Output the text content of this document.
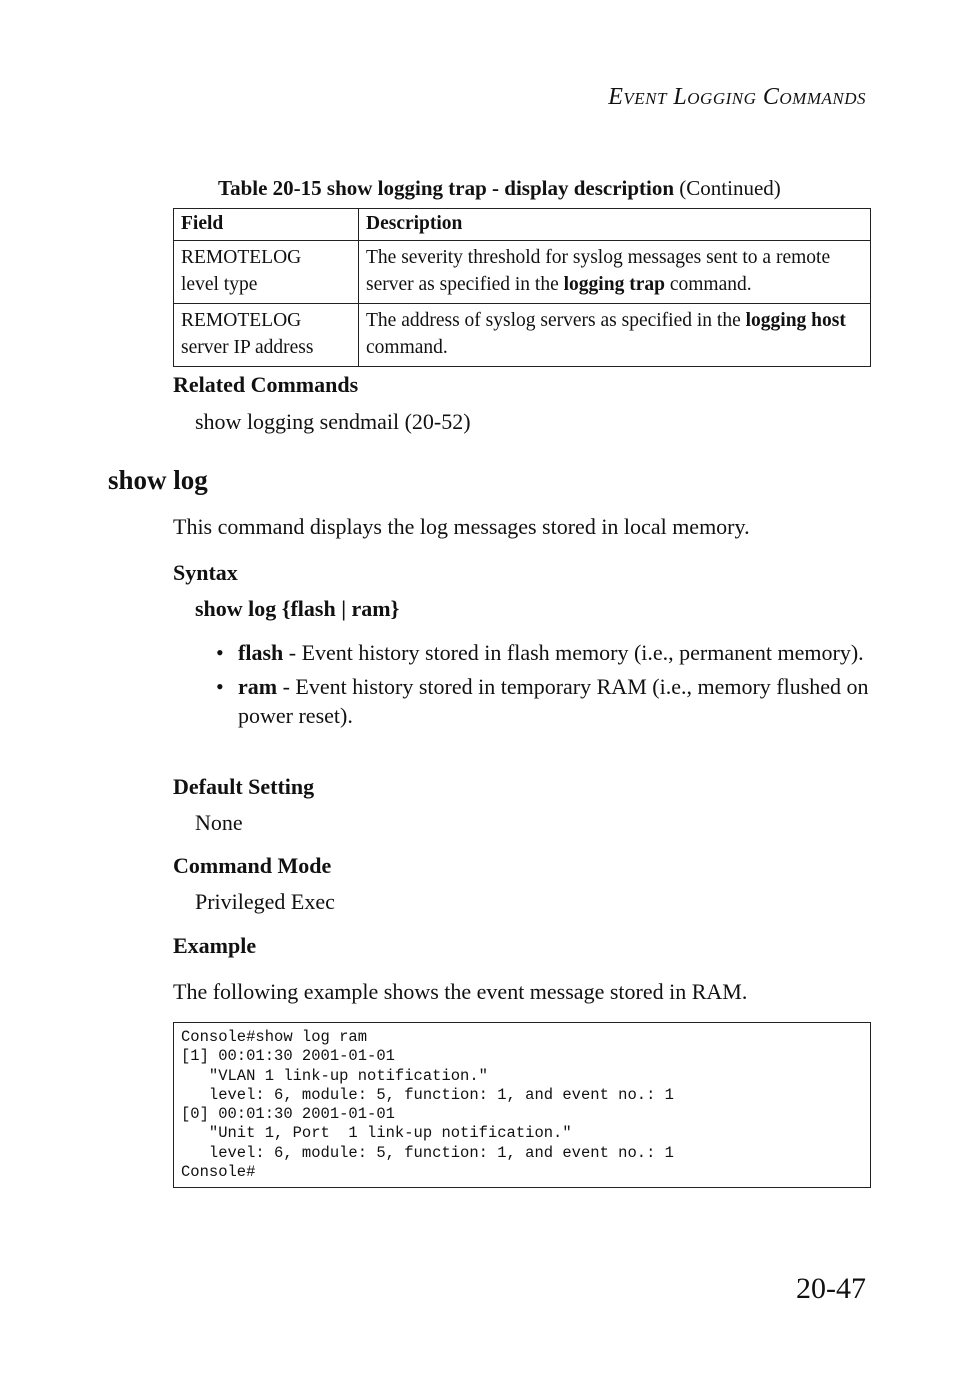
Event Logging Commands
Table 20-15 show logging trap - display description (Continued)
Field	Description
REMOTELOG
level type	The severity threshold for syslog messages sent to a remote server as specified in the logging trap command.
REMOTELOG
server IP address	The address of syslog servers as specified in the logging host command.
Related Commands
show logging sendmail (20-52)
show log
This command displays the log messages stored in local memory.
Syntax
show log {flash | ram}
• flash - Event history stored in flash memory (i.e., permanent memory).
• ram - Event history stored in temporary RAM (i.e., memory flushed on power reset).
Default Setting
None
Command Mode
Privileged Exec
Example
The following example shows the event message stored in RAM.
Console#show log ram
[1] 00:01:30 2001-01-01
"VLAN 1 link-up notification."
level: 6, module: 5, function: 1, and event no.: 1
[0] 00:01:30 2001-01-01
"Unit 1, Port  1 link-up notification."
level: 6, module: 5, function: 1, and event no.: 1
Console#
20-47
